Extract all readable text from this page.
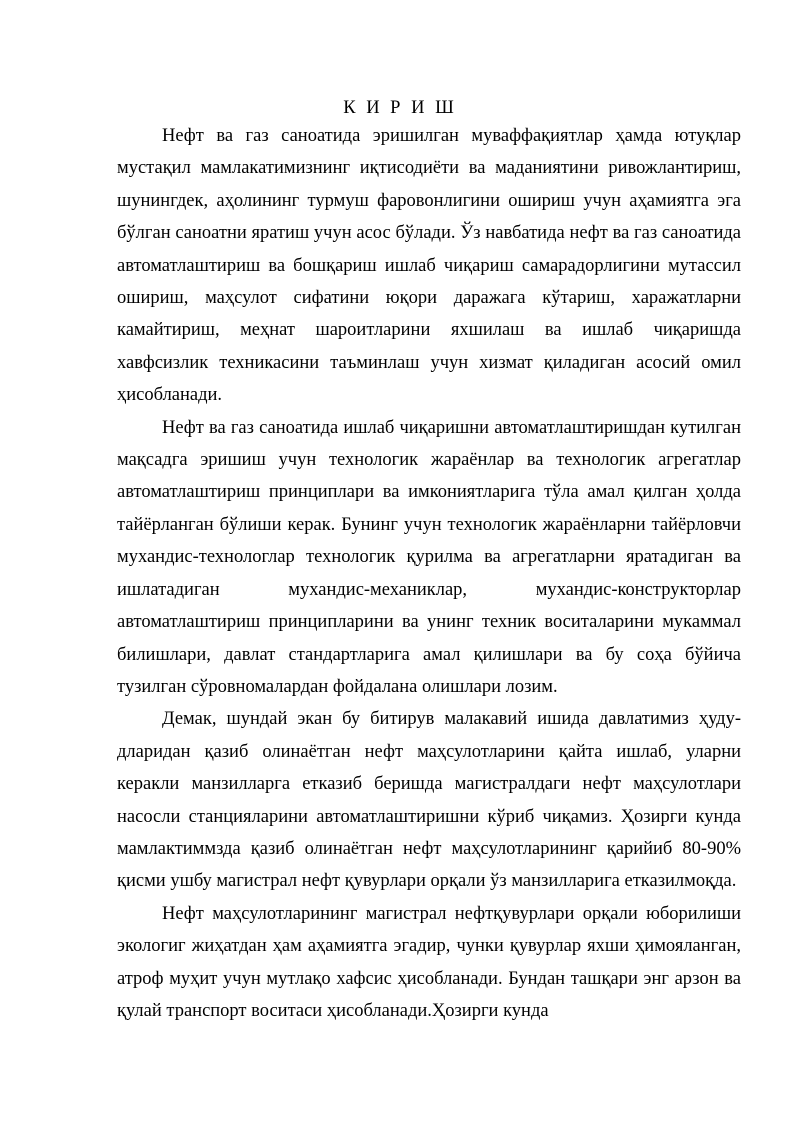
К И Р И Ш

Нефт ва газ саноатида эришилган муваффақиятлар ҳамда ютуқлар мустақил мамлакатимизнинг иқтисодиёти ва маданиятини ривожлантириш, шунингдек, аҳолининг турмуш фаровонлигини ошириш учун аҳамиятга эга бўлган саноатни яратиш учун асос бўлади. Ўз навбатида нефт ва газ саноатида автоматлаштириш ва бошқариш ишлаб чиқариш самарадорлигини мутассил ошириш, маҳсулот сифатини юқори даражага кўтариш, харажатларни камайтириш, меҳнат шароитларини яхшилаш ва ишлаб чиқаришда хавфсизлик техникасини таъминлаш учун хизмат қиладиган асосий омил ҳисобланади.

Нефт ва газ саноатида ишлаб чиқаришни автоматлаштиришдан кутилган мақсадга эришиш учун технологик жараёнлар ва технологик агрегатлар автоматлаштириш принциплари ва имкониятларига тўла амал қилган ҳолда тайёрланган бўлиши керак. Бунинг учун технологик жараёнларни тайёрловчи мухандис-технологлар технологик қурилма ва агрегатларни яратадиган ва ишлатадиган мухандис-механиклар, мухандис-конструкторлар автоматлаштириш принципларини ва унинг техник воситаларини мукаммал билишлари, давлат стандартларига амал қилишлари ва бу соҳа бўйича тузилган сўровномалардан фойдалана олишлари лозим.

Демак, шундай экан бу битирув малакавий ишида давлатимиз ҳуду-дларидан қазиб олинаётган нефт маҳсулотларини қайта ишлаб, уларни керакли манзилларга етказиб беришда магистралдаги нефт маҳсулотлари насосли станцияларини автоматлаштиришни кўриб чиқамиз. Ҳозирги кунда мамлактиммзда қазиб олинаётган нефт маҳсулотларининг қарийиб 80-90% қисми ушбу магистрал нефт қувурлари орқали ўз манзилларига етказилмоқда.

Нефт маҳсулотларининг магистрал нефтқувурлари орқали юборилиши экологиг жиҳатдан ҳам аҳамиятга эгадир, чунки қувурлар яхши ҳимояланган, атроф муҳит учун мутлақо хафсис ҳисобланади. Бундан ташқари энг арзон ва қулай транспорт воситаси ҳисобланади.Ҳозирги кунда
